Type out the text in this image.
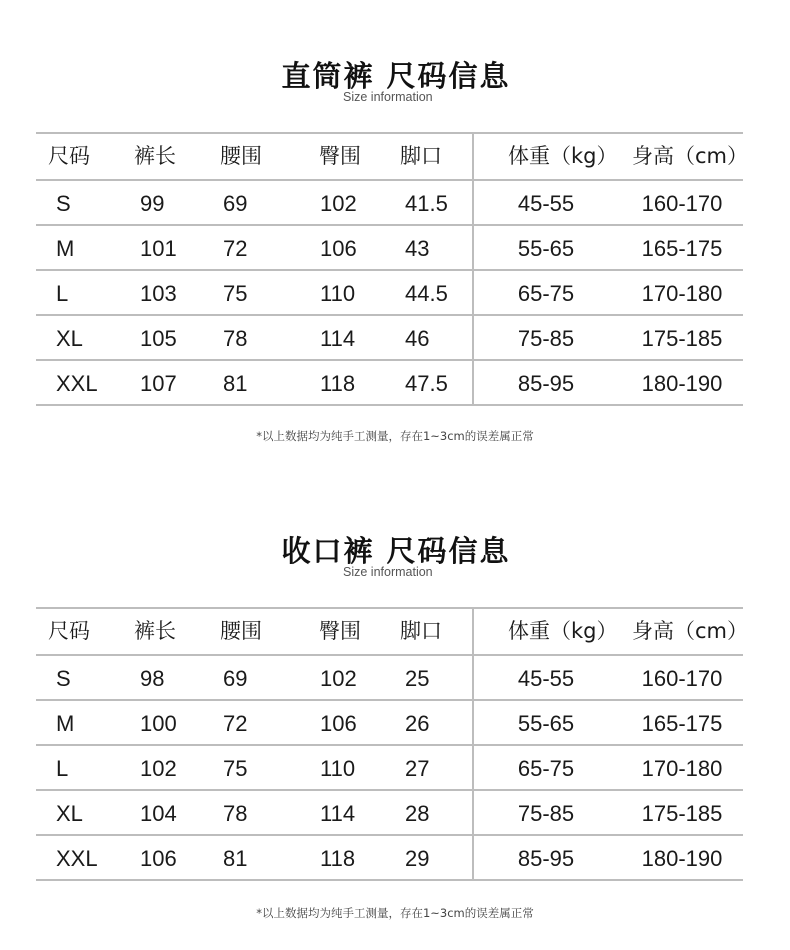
直筒裤 尺码信息
Size information
尺码 裤长 腰围	臀围 脚口	体重（kg） 身高（cm）
S	99	69	102 41.5	45-55	160-170
M	101 72	106 43	55-65	165-175
L	103 75	110 44.5	65-75	170-180
XL	105 78	114 46	75-85	175-185
XXL 107 81	118 47.5	85-95	180-190
*以上数据均为纯手工测量，存在1~3cm的误差属正常
收口裤 尺码信息
Size information
尺码 裤长 腰围	臀围 脚口	体重（kg） 身高（cm）
S	98	69	102 25	45-55	160-170
M	100 72	106 26	55-65	165-175
L	102 75	110 27	65-75	170-180
XL	104 78	114 28	75-85	175-185
XXL 106 81	118 29	85-95	180-190
*以上数据均为纯手工测量，存在1~3cm的误差属正常
